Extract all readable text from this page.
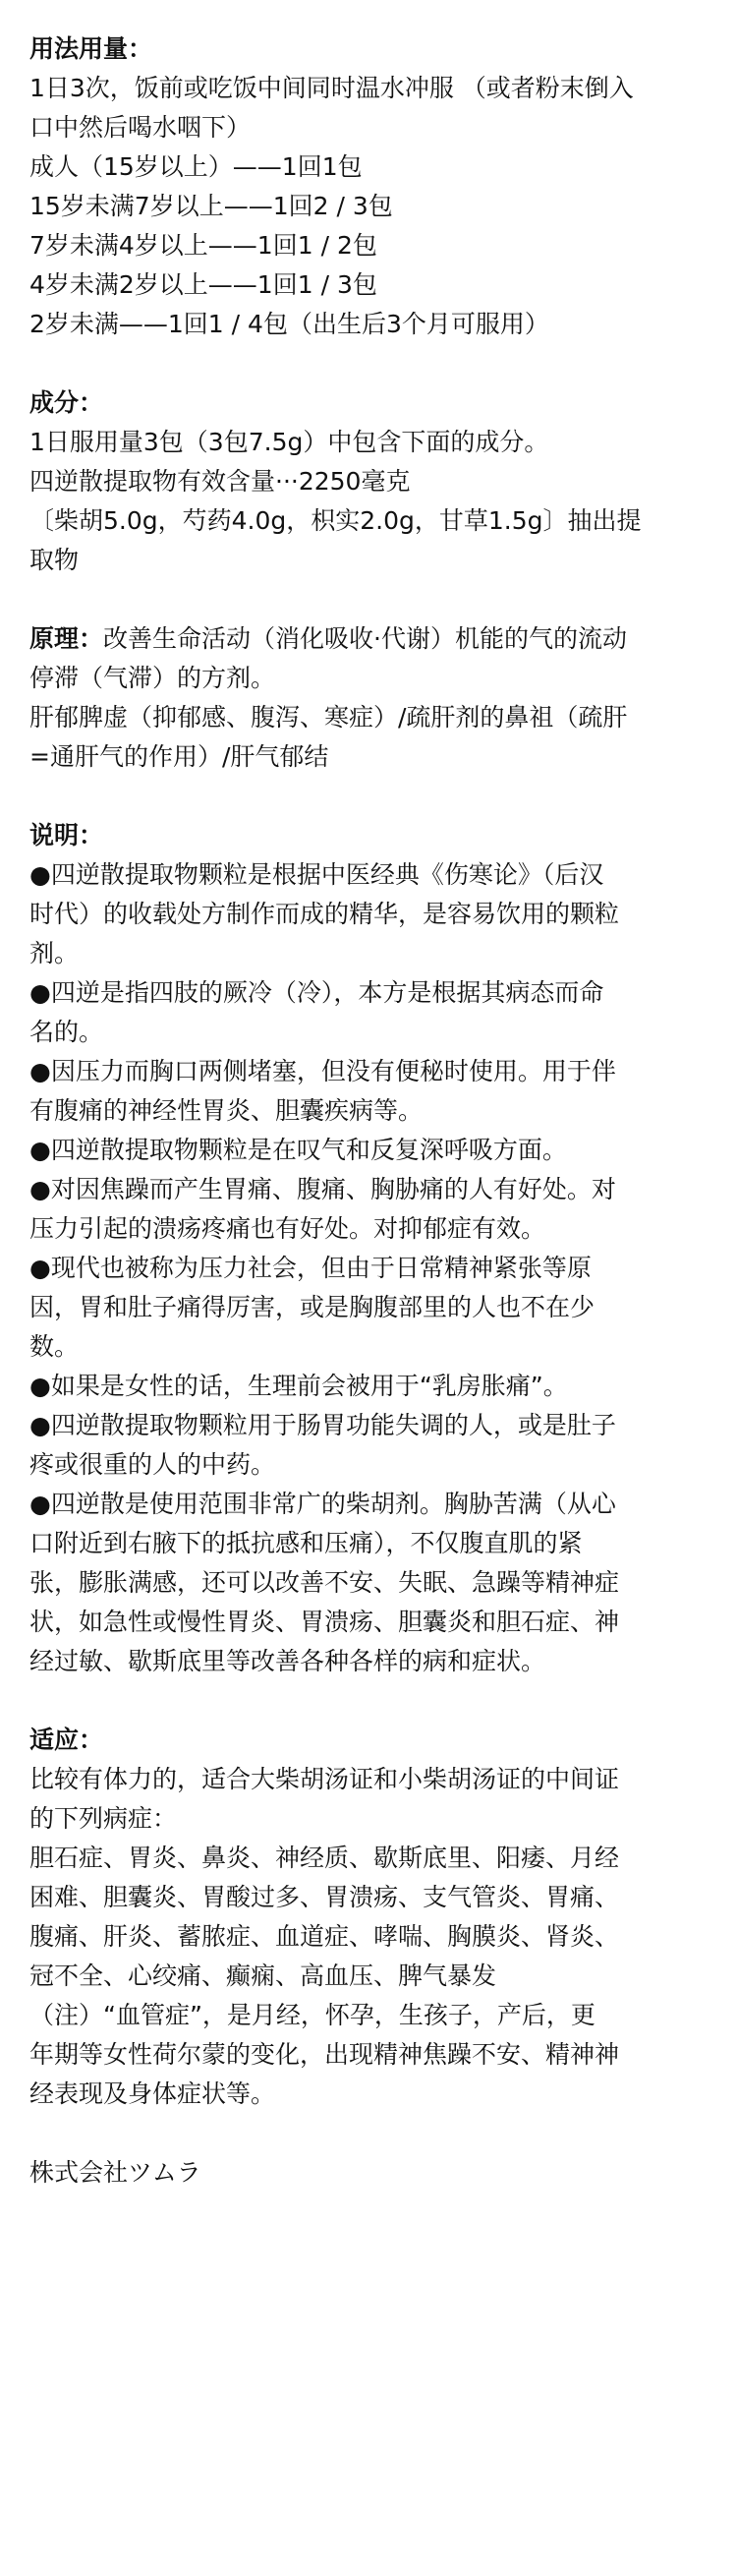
用法用量：
1日3次，饭前或吃饭中间同时温水冲服 （或者粉末倒入
口中然后喝水咽下）
成人（15岁以上）——1回1包
15岁未满7岁以上——1回2 / 3包
7岁未满4岁以上——1回1 / 2包
4岁未满2岁以上——1回1 / 3包
2岁未满——1回1 / 4包（出生后3个月可服用）
成分：
1日服用量3包（3包7.5g）中包含下面的成分。
四逆散提取物有效含量···2250毫克
〔柴胡5.0g，芍药4.0g，枳实2.0g，甘草1.5g〕抽出提
取物
原理：改善生命活动（消化吸收·代谢）机能的气的流动
停滞（气滞）的方剂。
肝郁脾虚（抑郁感、腹泻、寒症）/疏肝剂的鼻祖（疏肝
=通肝气的作用）/肝气郁结
说明：
●四逆散提取物颗粒是根据中医经典《伤寒论》（后汉
时代）的收载处方制作而成的精华，是容易饮用的颗粒
剂。
●四逆是指四肢的厥冷（冷），本方是根据其病态而命
名的。
●因压力而胸口两侧堵塞，但没有便秘时使用。用于伴
有腹痛的神经性胃炎、胆囊疾病等。
●四逆散提取物颗粒是在叹气和反复深呼吸方面。
●对因焦躁而产生胃痛、腹痛、胸胁痛的人有好处。对
压力引起的溃疡疼痛也有好处。对抑郁症有效。
●现代也被称为压力社会，但由于日常精神紧张等原
因，胃和肚子痛得厉害，或是胸腹部里的人也不在少
数。
●如果是女性的话，生理前会被用于“乳房胀痛”。
●四逆散提取物颗粒用于肠胃功能失调的人，或是肚子
疼或很重的人的中药。
●四逆散是使用范围非常广的柴胡剂。胸胁苦满（从心
口附近到右腋下的抵抗感和压痛），不仅腹直肌的紧
张，膨胀满感，还可以改善不安、失眠、急躁等精神症
状，如急性或慢性胃炎、胃溃疡、胆囊炎和胆石症、神
经过敏、歇斯底里等改善各种各样的病和症状。
适应：
比较有体力的，适合大柴胡汤证和小柴胡汤证的中间证
的下列病症：
胆石症、胃炎、鼻炎、神经质、歇斯底里、阳痿、月经
困难、胆囊炎、胃酸过多、胃溃疡、支气管炎、胃痛、
腹痛、肝炎、蓄脓症、血道症、哮喘、胸膜炎、肾炎、
冠不全、心绞痛、癫痫、高血压、脾气暴发
（注）“血管症”，是月经，怀孕，生孩子，产后，更
年期等女性荷尔蒙的变化，出现精神焦躁不安、精神神
经表现及身体症状等。
株式会社ツムラ
